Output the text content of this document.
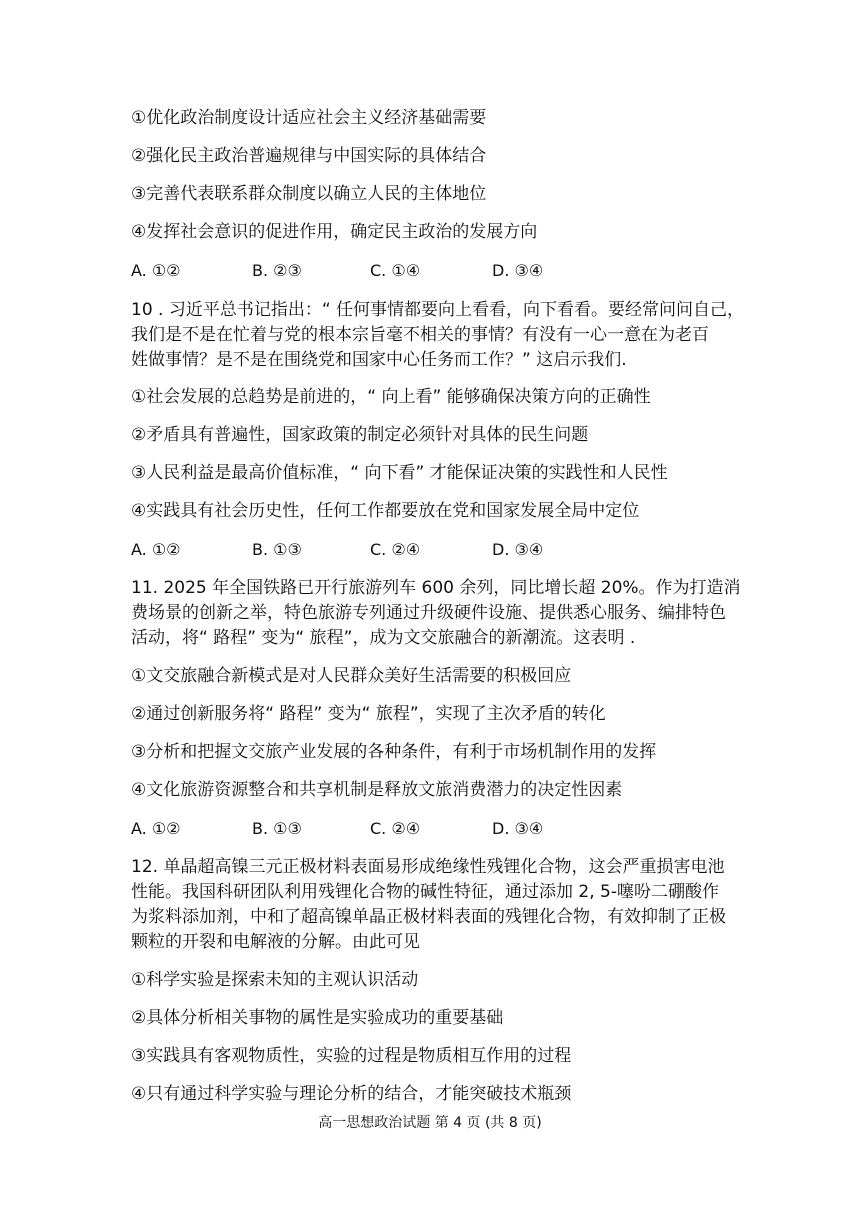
①优化政治制度设计适应社会主义经济基础需要
②强化民主政治普遍规律与中国实际的具体结合
③完善代表联系群众制度以确立人民的主体地位
④发挥社会意识的促进作用，确定民主政治的发展方向
A. ①②	B. ②③	C. ①④	D. ③④
10 . 习近平总书记指出：“ 任何事情都要向上看看，向下看看。要经常问问自己，
我们是不是在忙着与党的根本宗旨毫不相关的事情？有没有一心一意在为老百
姓做事情？是不是在围绕党和国家中心任务而工作？” 这启示我们.
①社会发展的总趋势是前进的，“ 向上看” 能够确保决策方向的正确性
②矛盾具有普遍性，国家政策的制定必须针对具体的民生问题
③人民利益是最高价值标准，“ 向下看” 才能保证决策的实践性和人民性
④实践具有社会历史性，任何工作都要放在党和国家发展全局中定位
A. ①②	B. ①③	C. ②④	D. ③④
11. 2025 年全国铁路已开行旅游列车 600 余列，同比增长超 20%。作为打造消
费场景的创新之举，特色旅游专列通过升级硬件设施、提供悉心服务、编排特色
活动，将“ 路程” 变为“ 旅程”，成为文交旅融合的新潮流。这表明 .
①文交旅融合新模式是对人民群众美好生活需要的积极回应
②通过创新服务将“ 路程” 变为“ 旅程”，实现了主次矛盾的转化
③分析和把握文交旅产业发展的各种条件，有利于市场机制作用的发挥
④文化旅游资源整合和共享机制是释放文旅消费潜力的决定性因素
A. ①②	B. ①③	C. ②④	D. ③④
12. 单晶超高镍三元正极材料表面易形成绝缘性残锂化合物，这会严重损害电池
性能。我国科研团队利用残锂化合物的碱性特征，通过添加 2, 5-噻吩二硼酸作
为浆料添加剂，中和了超高镍单晶正极材料表面的残锂化合物，有效抑制了正极
颗粒的开裂和电解液的分解。由此可见
①科学实验是探索未知的主观认识活动
②具体分析相关事物的属性是实验成功的重要基础
③实践具有客观物质性，实验的过程是物质相互作用的过程
④只有通过科学实验与理论分析的结合，才能突破技术瓶颈
高一思想政治试题 第 4 页 (共 8 页)
